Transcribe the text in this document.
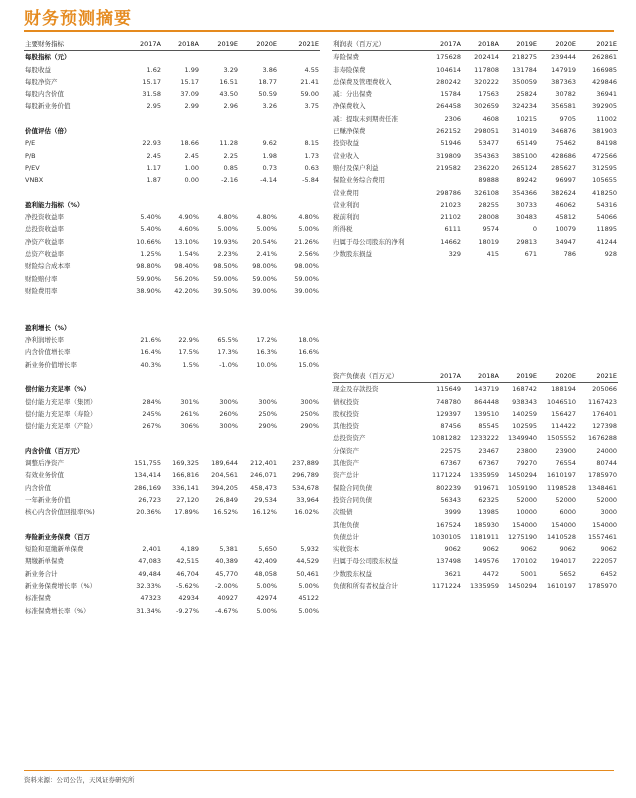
财务预测摘要
主要财务指标	2017A	2018A	2019E	2020E	2021E
每股指标（元）					
每股收益	1.62	1.99	3.29	3.86	4.55
每股净资产	15.17	15.17	16.51	18.77	21.41
每股内含价值	31.58	37.09	43.50	50.59	59.00
每股新业务价值	2.95	2.99	2.96	3.26	3.75

价值评估（倍）					
P/E	22.93	18.66	11.28	9.62	8.15
P/B	2.45	2.45	2.25	1.98	1.73
P/EV	1.17	1.00	0.85	0.73	0.63
VNBX	1.87	0.00	-2.16	-4.14	-5.84

盈利能力指标（%）					
净投资收益率	5.40%	4.90%	4.80%	4.80%	4.80%
总投资收益率	5.40%	4.60%	5.00%	5.00%	5.00%
净资产收益率	10.66%	13.10%	19.93%	20.54%	21.26%
总资产收益率	1.25%	1.54%	2.23%	2.41%	2.56%
财险综合成本率	98.80%	98.40%	98.50%	98.00%	98.00%
财险赔付率	59.90%	56.20%	59.00%	59.00%	59.00%
财险费用率	38.90%	42.20%	39.50%	39.00%	39.00%

盈利增长（%）					
净利润增长率	21.6%	22.9%	65.5%	17.2%	18.0%
内含价值增长率	16.4%	17.5%	17.3%	16.3%	16.6%
新业务价值增长率	40.3%	1.5%	-1.0%	10.0%	15.0%

偿付能力充足率（%）					
偿付能力充足率（集团）	284%	301%	300%	300%	300%
偿付能力充足率（寿险）	245%	261%	260%	250%	250%
偿付能力充足率（产险）	267%	306%	300%	290%	290%

内含价值（百万元）					
调整后净资产	151,755	169,325	189,644	212,401	237,889
有效业务价值	134,414	166,816	204,561	246,071	296,789
内含价值	286,169	336,141	394,205	458,473	534,678
一年新业务价值	26,723	27,120	26,849	29,534	33,964
核心内含价值回报率(%)	20.36%	17.89%	16.52%	16.12%	16.02%

寿险新业务保费（百万					
短险和趸缴新单保费	2,401	4,189	5,381	5,650	5,932
期缴新单保费	47,083	42,515	40,389	42,409	44,529
新业务合计	49,484	46,704	45,770	48,058	50,461
新业务保费增长率（%）	32.33%	-5.62%	-2.00%	5.00%	5.00%
标准保费	47323	42934	40927	42974	45122
标准保费增长率（%）	31.34%	-9.27%	-4.67%	5.00%	5.00%
利润表（百万元）	2017A	2018A	2019E	2020E	2021E
寿险保费	175628	202414	218275	239444	262861
非寿险保费	104614	117808	131784	147919	166985
总保费及管理费收入	280242	320222	350059	387363	429846
减：分出保费	15784	17563	25824	30782	36941
净保费收入	264458	302659	324234	356581	392905
减：提取未到期责任准	2306	4608	10215	9705	11002
已赚净保费	262152	298051	314019	346876	381903
投资收益	51946	53477	65149	75462	84198
营业收入	319809	354363	385100	428686	472566
赔付及保户利益	219582	236220	265124	285627	312595
保险业务综合费用		89888	89242	96997	105655
营业费用	298786	326108	354366	382624	418250
营业利润	21023	28255	30733	46062	54316
税前利润	21102	28008	30483	45812	54066
所得税	6111	9574	0	10079	11895
归属于母公司股东的净利	14662	18019	29813	34947	41244
少数股东损益	329	415	671	786	928
资产负债表（百万元）	2017A	2018A	2019E	2020E	2021E
现金及存款投资	115649	143719	168742	188194	205066
债权投资	748780	864448	938343	1046510	1167423
股权投资	129397	139510	140259	156427	176401
其他投资	87456	85545	102595	114422	127398
总投资资产	1081282	1233222	1349940	1505552	1676288
分保资产	22575	23467	23800	23900	24000
其他资产	67367	67367	79270	76554	80744
资产总计	1171224	1335959	1450294	1610197	1785970
保险合同负债	802239	919671	1059190	1198528	1348461
投资合同负债	56343	62325	52000	52000	52000
次级债	3999	13985	10000	6000	3000
其他负债	167524	185930	154000	154000	154000
负债总计	1030105	1181911	1275190	1410528	1557461
实收资本	9062	9062	9062	9062	9062
归属于母公司股东权益	137498	149576	170102	194017	222057
少数股东权益	3621	4472	5001	5652	6452
负债和所有者权益合计	1171224	1335959	1450294	1610197	1785970
资料来源：公司公告，天风证券研究所
